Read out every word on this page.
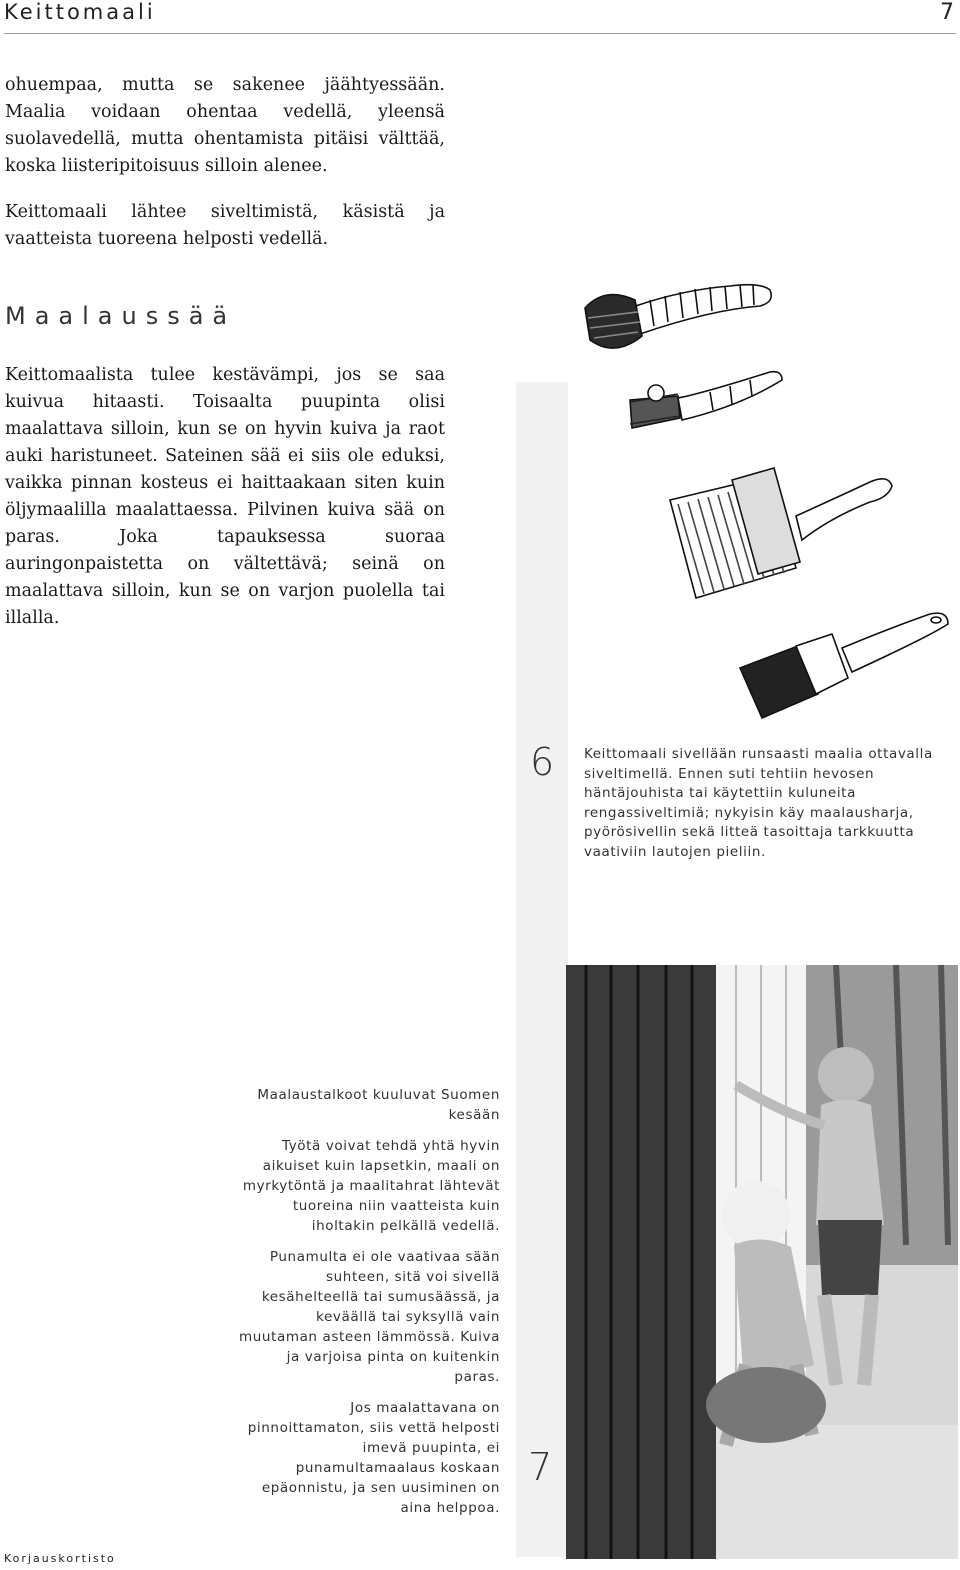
Keittomaali	7

ohuempaa, mutta se sakenee jäähtyessään. Maalia voidaan ohentaa vedellä, yleensä suolavedellä, mutta ohentamista pitäisi välttää, koska liisteripitoisuus silloin alenee.

Keittomaali lähtee siveltimistä, käsistä ja vaatteista tuoreena helposti vedellä.

Maalaussää

Keittomaalista tulee kestävämpi, jos se saa kuivua hitaasti. Toisaalta puupinta olisi maalattava silloin, kun se on hyvin kuiva ja raot auki haristuneet. Sateinen sää ei siis ole eduksi, vaikka pinnan kosteus ei haittaakaan siten kuin öljymaalilla maalattaessa. Pilvinen kuiva sää on paras. Joka tapauksessa suoraa auringonpaistetta on vältettävä; seinä on maalattava silloin, kun se on varjon puolella tai illalla.

6 Keittomaali sivellään runsaasti maalia ottavalla siveltimellä. Ennen suti tehtiin hevosen häntäjouhista tai käytettiin kuluneita rengassiveltimiä; nykyisin käy maalausharja, pyörösivellin sekä litteä tasoittaja tarkkuutta vaativiin lautojen pieliin.

Maalaustalkoot kuuluvat Suomen kesään

Työtä voivat tehdä yhtä hyvin aikuiset kuin lapsetkin, maali on myrkytöntä ja maalitahrat lähtevät tuoreina niin vaatteista kuin iholtakin pelkällä vedellä.

Punamulta ei ole vaativaa sään suhteen, sitä voi sivellä kesähelteellä tai sumusäässä, ja keväällä tai syksyllä vain muutaman asteen lämmössä. Kuiva ja varjoisa pinta on kuitenkin paras.

Jos maalattavana on pinnoittamaton, siis vettä helposti imevä puupinta, ei punamultamaalaus koskaan epäonnistu, ja sen uusiminen on aina helppoa.

7
Korjauskortisto
